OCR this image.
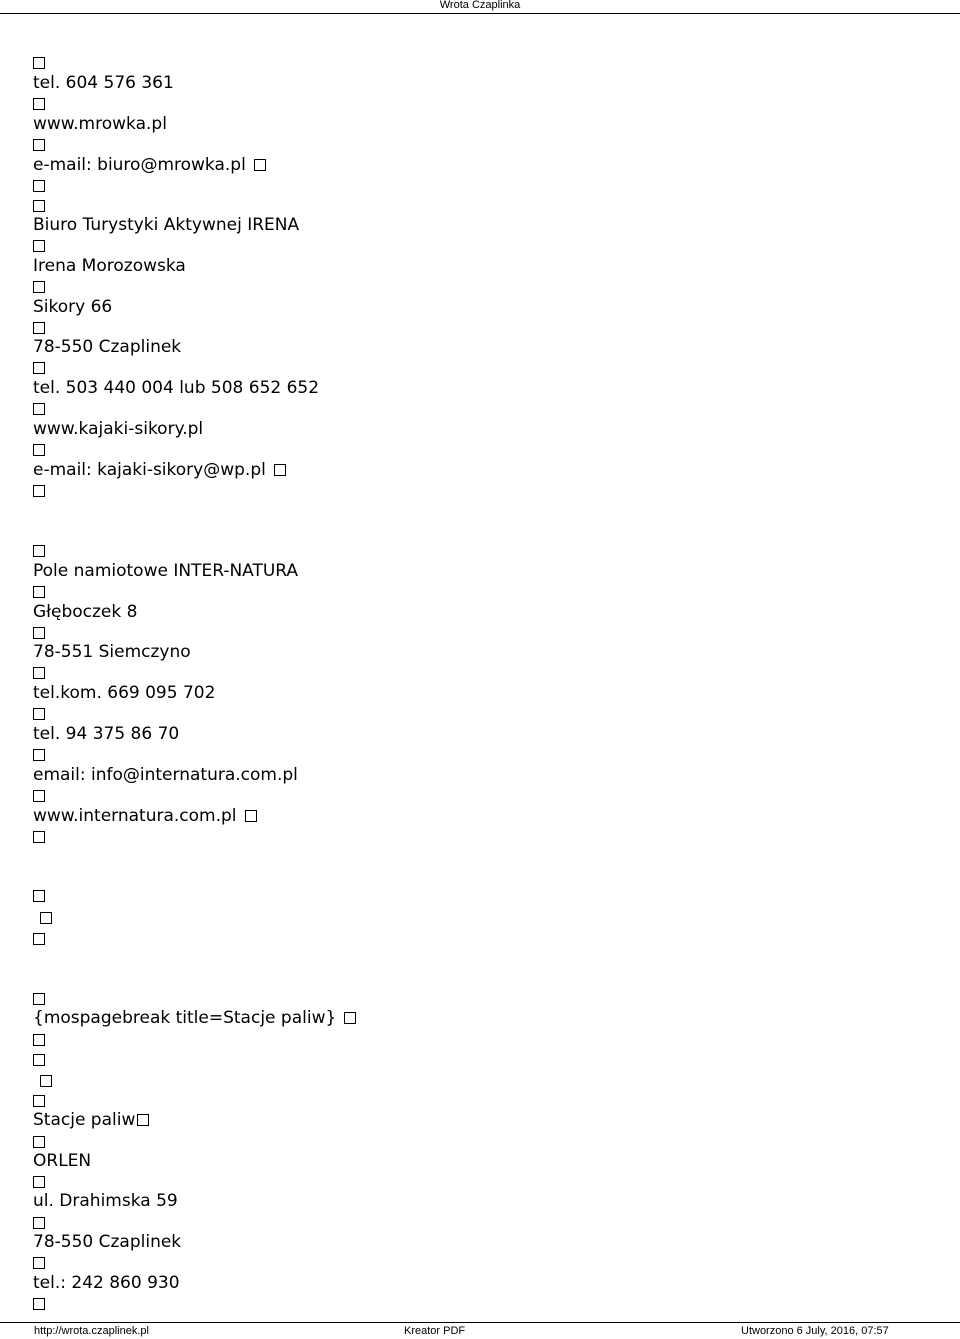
Wrota Czaplinka
tel. 604 576 361
www.mrowka.pl
e-mail: biuro@mrowka.pl
Biuro Turystyki Aktywnej IRENA
Irena Morozowska
Sikory 66
78-550 Czaplinek
tel. 503 440 004 lub 508 652 652
www.kajaki-sikory.pl
e-mail: kajaki-sikory@wp.pl
Pole namiotowe INTER-NATURA
Głęboczek 8
78-551 Siemczyno
tel.kom. 669 095 702
tel. 94 375 86 70
email: info@internatura.com.pl
www.internatura.com.pl
{mospagebreak title=Stacje paliw}
Stacje paliw
ORLEN
ul. Drahimska 59
78-550 Czaplinek
tel.: 242 860 930
http://wrota.czaplinek.pl	Kreator PDF	Utworzono 6 July, 2016, 07:57
